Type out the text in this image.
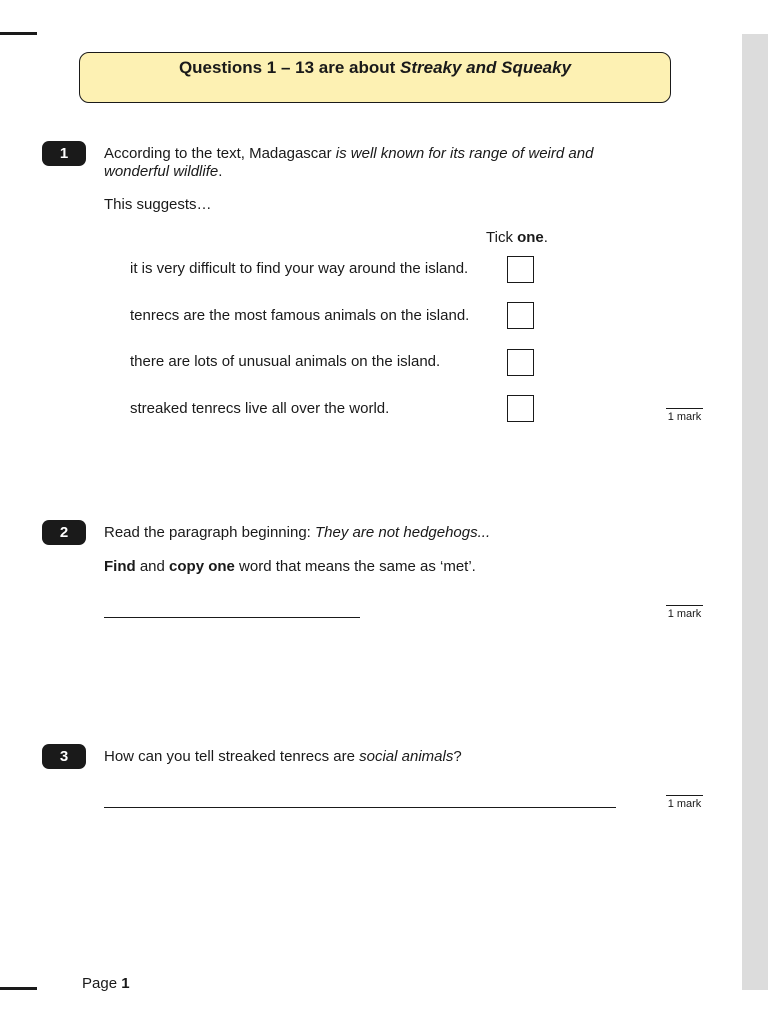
Questions 1 – 13 are about Streaky and Squeaky
1	According to the text, Madagascar is well known for its range of weird and wonderful wildlife.
This suggests…
Tick one.
it is very difficult to find your way around the island.
tenrecs are the most famous animals on the island.
there are lots of unusual animals on the island.
streaked tenrecs live all over the world.	1 mark
2	Read the paragraph beginning: They are not hedgehogs...
Find and copy one word that means the same as ‘met’.
1 mark
3	How can you tell streaked tenrecs are social animals?
1 mark
Page 1
